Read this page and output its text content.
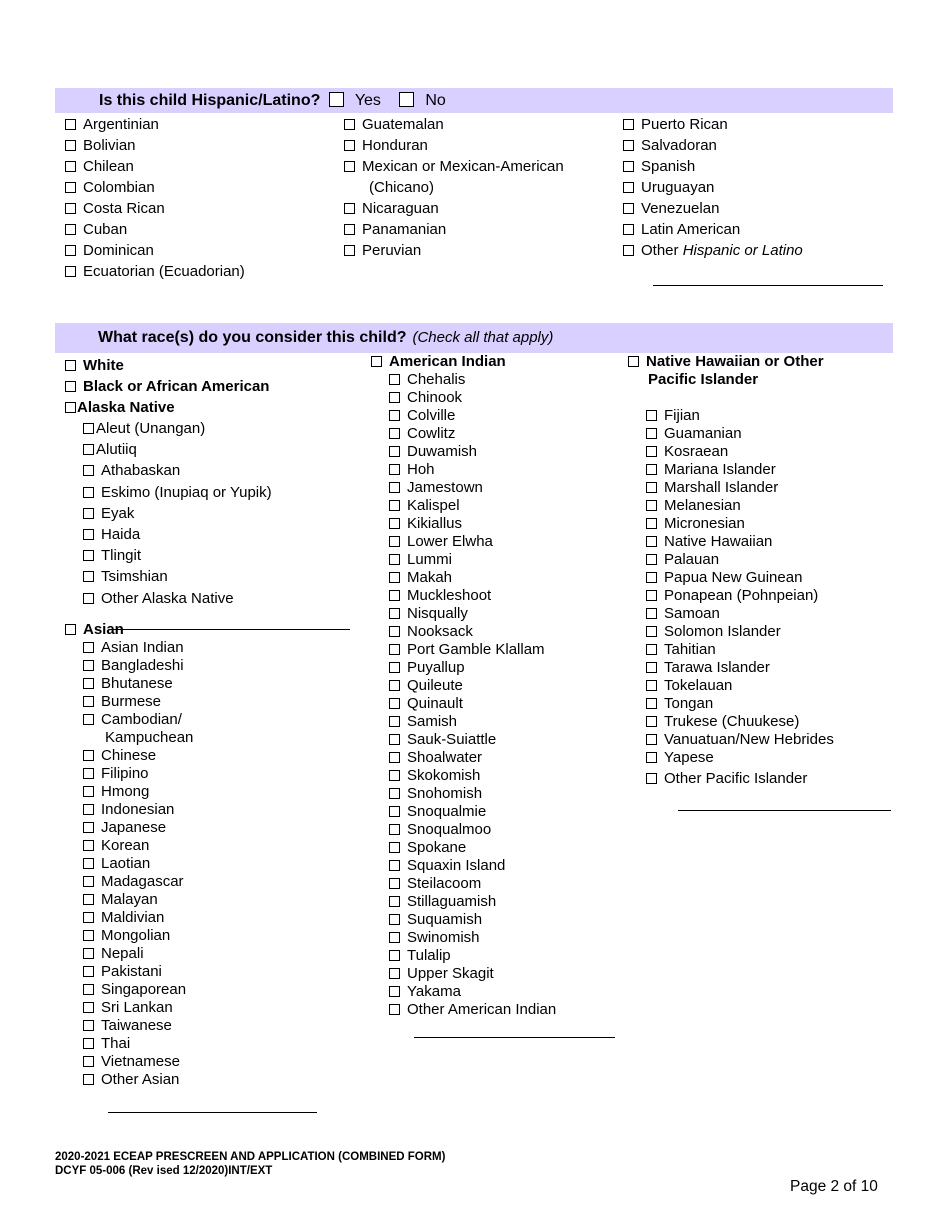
Is this child Hispanic/Latino? Yes	No
Argentinian
Bolivian
Chilean
Colombian
Costa Rican
Cuban
Dominican
Ecuatorian (Ecuadorian)
Guatemalan
Honduran
Mexican or Mexican-American
(Chicano)
Nicaraguan
Panamanian
Peruvian
Puerto Rican
Salvadoran
Spanish
Uruguayan
Venezuelan
Latin American
Other Hispanic or Latino
What race(s) do you consider this child? (Check all that apply)
White
Black or African American
Alaska Native
Aleut (Unangan)
Alutiiq
Athabaskan
Eskimo (Inupiaq or Yupik)
Eyak
Haida
Tlingit
Tsimshian
Other Alaska Native
Asian
Asian Indian
Bangladeshi
Bhutanese
Burmese
Cambodian/
Kampuchean
Chinese
Filipino
Hmong
Indonesian
Japanese
Korean
Laotian
Madagascar
Malayan
Maldivian
Mongolian
Nepali
Pakistani
Singaporean
Sri Lankan
Taiwanese
Thai
Vietnamese
Other Asian
American Indian
Chehalis
Chinook
Colville
Cowlitz
Duwamish
Hoh
Jamestown
Kalispel
Kikiallus
Lower Elwha
Lummi
Makah
Muckleshoot
Nisqually
Nooksack
Port Gamble Klallam
Puyallup
Quileute
Quinault
Samish
Sauk-Suiattle
Shoalwater
Skokomish
Snohomish
Snoqualmie
Snoqualmoo
Spokane
Squaxin Island
Steilacoom
Stillaguamish
Suquamish
Swinomish
Tulalip
Upper Skagit
Yakama
Other American Indian
Native Hawaiian or Other
Pacific Islander
Fijian
Guamanian
Kosraean
Mariana Islander
Marshall Islander
Melanesian
Micronesian
Native Hawaiian
Palauan
Papua New Guinean
Ponapean (Pohnpeian)
Samoan
Solomon Islander
Tahitian
Tarawa Islander
Tokelauan
Tongan
Trukese (Chuukese)
Vanuatuan/New Hebrides
Yapese
Other Pacific Islander
2020-2021 ECEAP PRESCREEN AND APPLICATION (COMBINED FORM)
DCYF 05-006 (Rev ised 12/2020)INT/EXT
Page 2 of 10
